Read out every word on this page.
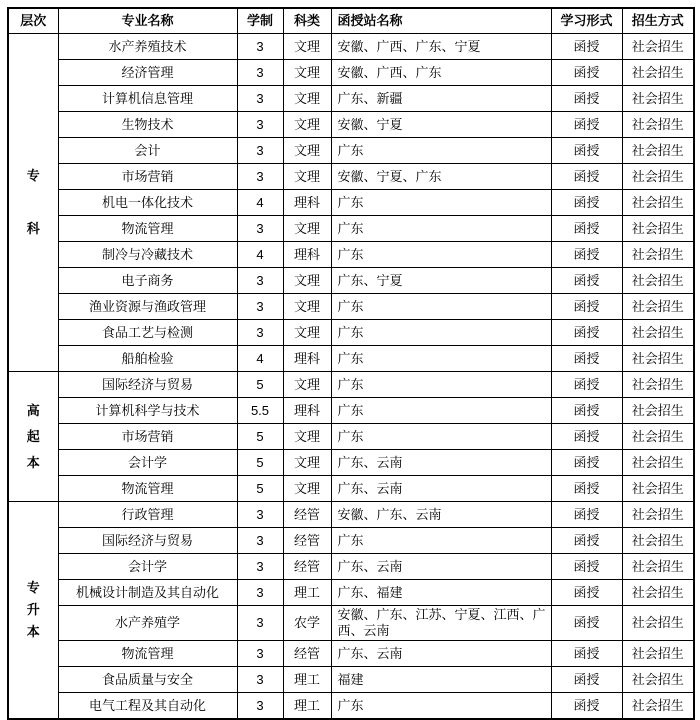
层次	专业名称	学制	科类	函授站名称	学习形式	招生方式

专
科	水产养殖技术	3	文理	安徽、广西、广东、宁夏	函授	社会招生
	经济管理	3	文理	安徽、广西、广东	函授	社会招生
	计算机信息管理	3	文理	广东、新疆	函授	社会招生
	生物技术	3	文理	安徽、宁夏	函授	社会招生
	会计	3	文理	广东	函授	社会招生
	市场营销	3	文理	安徽、宁夏、广东	函授	社会招生
	机电一体化技术	4	理科	广东	函授	社会招生
	物流管理	3	文理	广东	函授	社会招生
	制冷与冷藏技术	4	理科	广东	函授	社会招生
	电子商务	3	文理	广东、宁夏	函授	社会招生
	渔业资源与渔政管理	3	文理	广东	函授	社会招生
	食品工艺与检测	3	文理	广东	函授	社会招生
	船舶检验	4	理科	广东	函授	社会招生

高
起
本	国际经济与贸易	5	文理	广东	函授	社会招生
	计算机科学与技术	5.5	理科	广东	函授	社会招生
	市场营销	5	文理	广东	函授	社会招生
	会计学	5	文理	广东、云南	函授	社会招生
	物流管理	5	文理	广东、云南	函授	社会招生

专
升
本	行政管理	3	经管	安徽、广东、云南	函授	社会招生
	国际经济与贸易	3	经管	广东	函授	社会招生
	会计学	3	经管	广东、云南	函授	社会招生
	机械设计制造及其自动化	3	理工	广东、福建	函授	社会招生
	水产养殖学	3	农学	安徽、广东、江苏、宁夏、江西、广西、云南	函授	社会招生
	物流管理	3	经管	广东、云南	函授	社会招生
	食品质量与安全	3	理工	福建	函授	社会招生
	电气工程及其自动化	3	理工	广东	函授	社会招生
